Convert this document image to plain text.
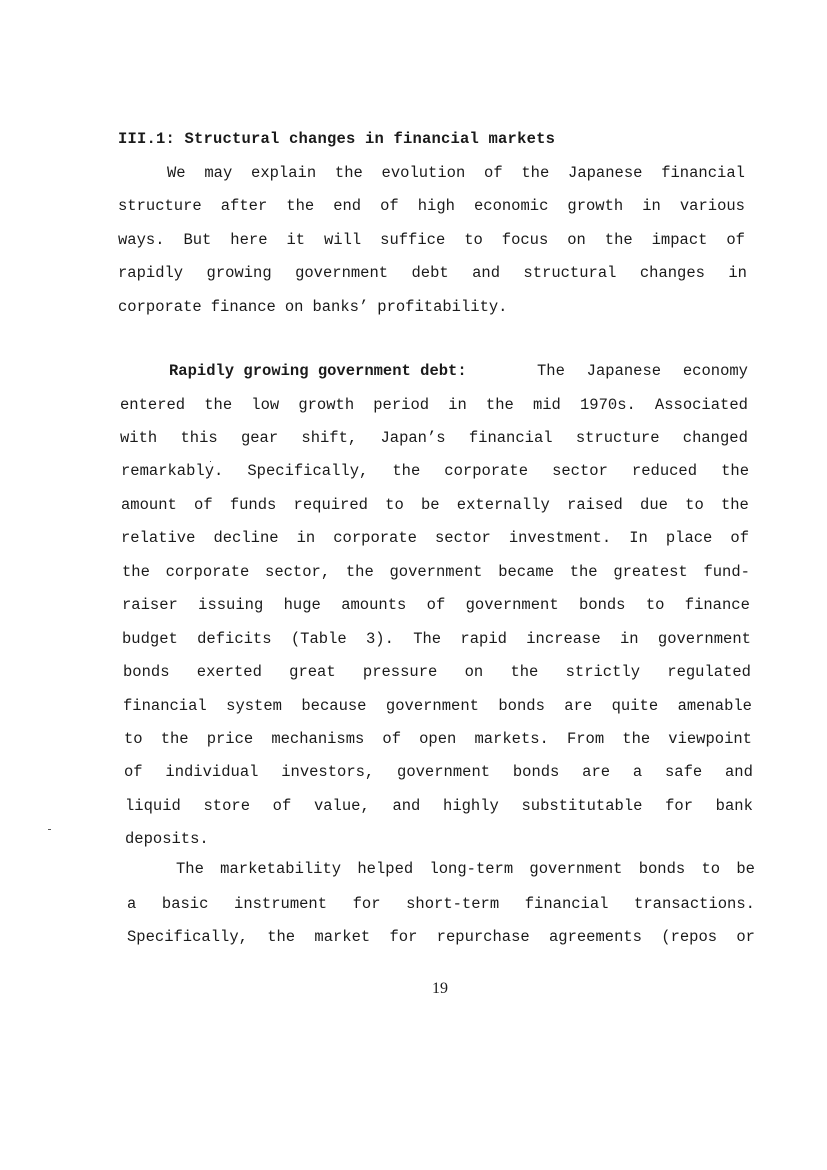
III.1: Structural changes in financial markets
We may explain the evolution of the Japanese financial
structure after the end of high economic growth in various
ways. But here it will suffice to focus on the impact of
rapidly growing government debt and structural changes in
corporate finance on banks’ profitability.
Rapidly growing government debt:	The Japanese economy
entered the low growth period in the mid 1970s. Associated
with this gear shift, Japan’s financial structure changed
remarkably. Specifically, the corporate sector reduced the
amount of funds required to be externally raised due to the
relative decline in corporate sector investment. In place of
the corporate sector, the government became the greatest fund-
raiser issuing huge amounts of government bonds to finance
budget deficits (Table 3). The rapid increase in government
bonds exerted great pressure on the strictly regulated
financial system because government bonds are quite amenable
to the price mechanisms of open markets. From the viewpoint
of individual investors, government bonds are a safe and
liquid store of value, and highly substitutable for bank
deposits.
The marketability helped long-term government bonds to be
a basic instrument for short-term financial transactions.
Specifically, the market for repurchase agreements (repos or
19
